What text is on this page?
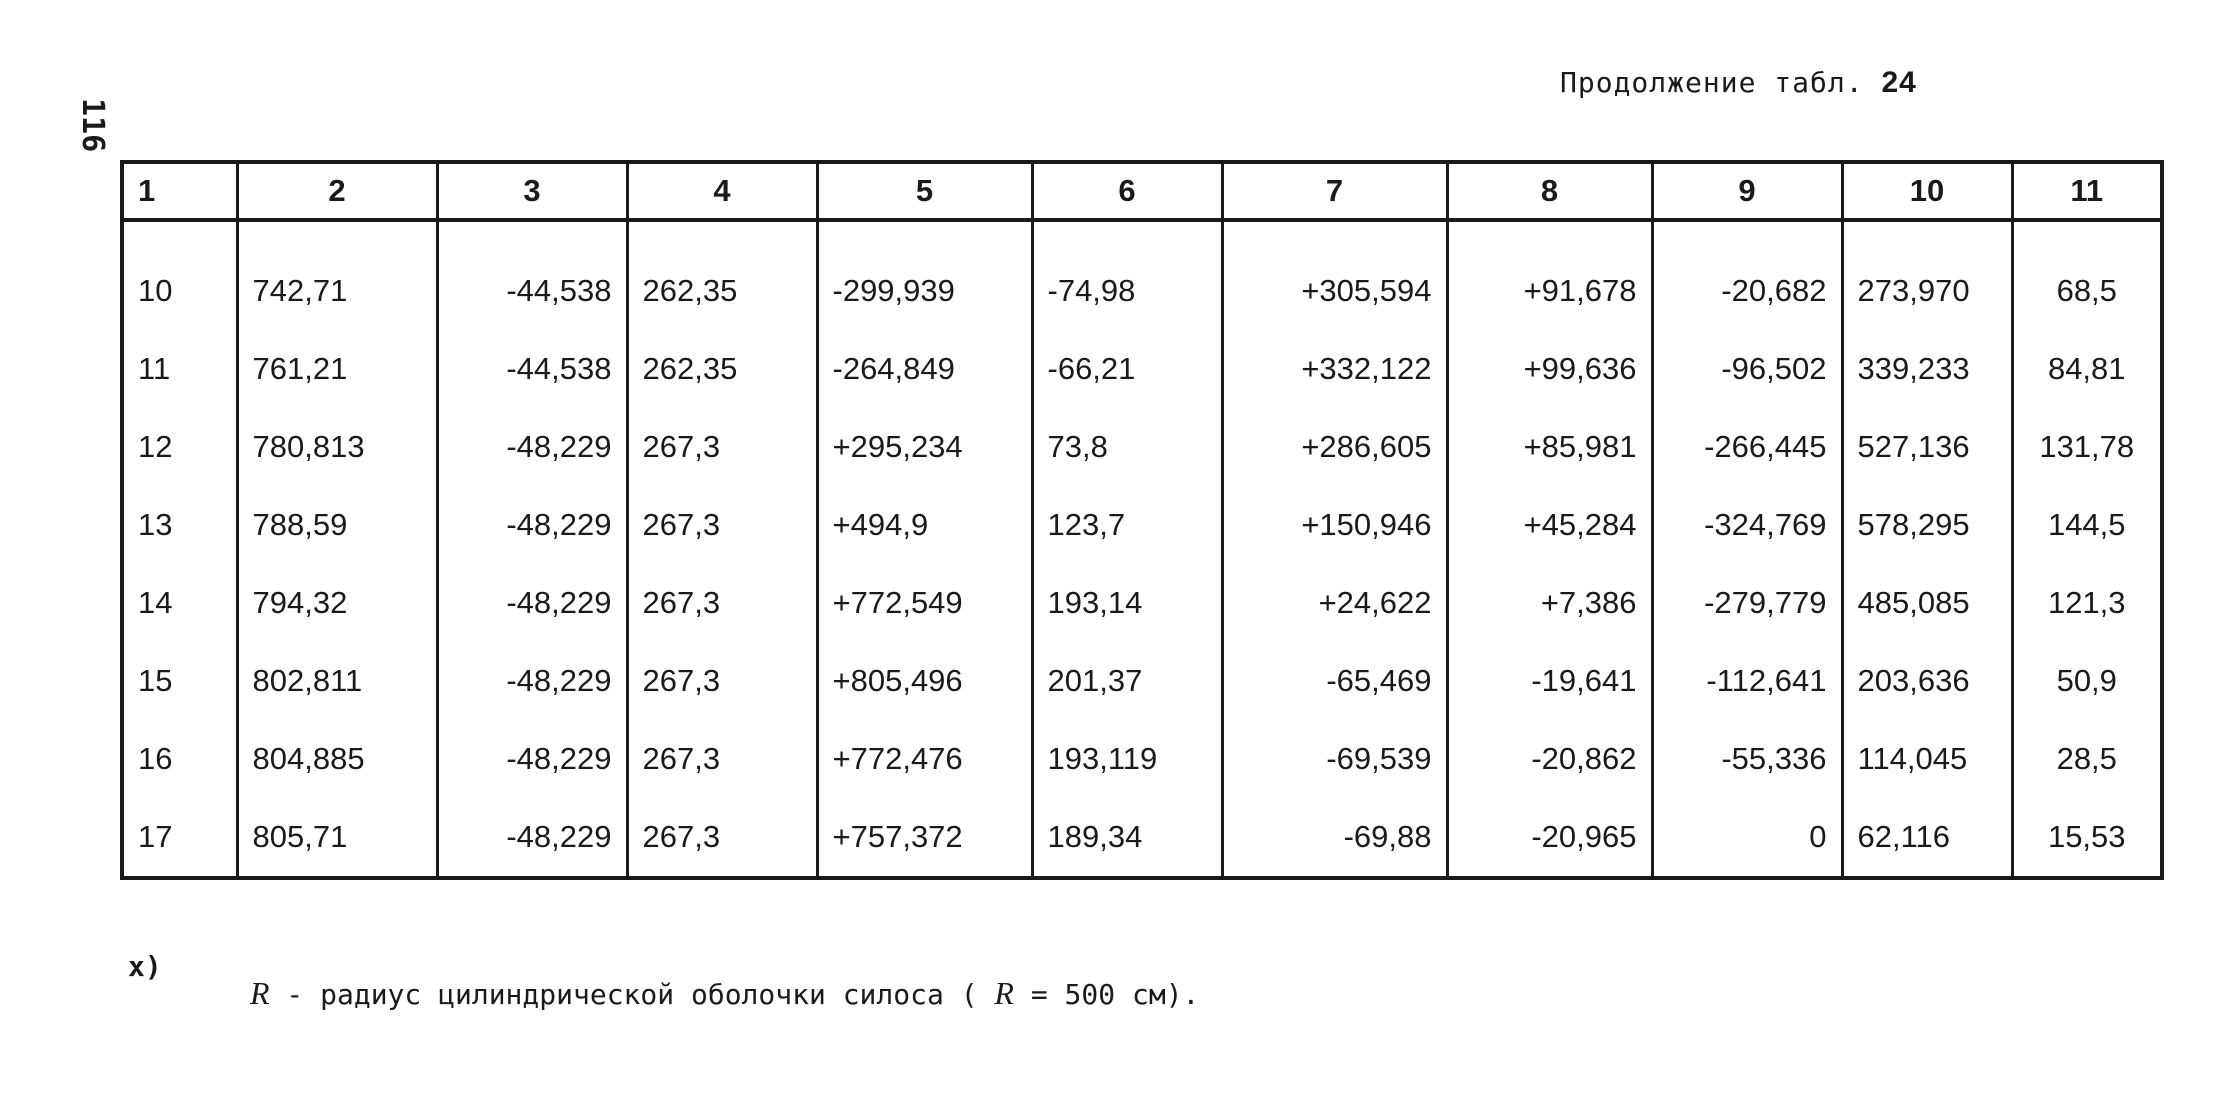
116
Продолжение табл. 24
1	2	3	4	5	6	7	8	9	10	11

10	742,71	-44,538	262,35	-299,939	-74,98	+305,594	+91,678	-20,682	273,970	68,5
11	761,21	-44,538	262,35	-264,849	-66,21	+332,122	+99,636	-96,502	339,233	84,81
12	780,813	-48,229	267,3	+295,234	73,8	+286,605	+85,981	-266,445	527,136	131,78
13	788,59	-48,229	267,3	+494,9	123,7	+150,946	+45,284	-324,769	578,295	144,5
14	794,32	-48,229	267,3	+772,549	193,14	+24,622	+7,386	-279,779	485,085	121,3
15	802,811	-48,229	267,3	+805,496	201,37	-65,469	-19,641	-112,641	203,636	50,9
16	804,885	-48,229	267,3	+772,476	193,119	-69,539	-20,862	-55,336	114,045	28,5
17	805,71	-48,229	267,3	+757,372	189,34	-69,88	-20,965	0	62,116	15,53
x)
R - радиус цилиндрической оболочки силоса ( R = 500 см).
